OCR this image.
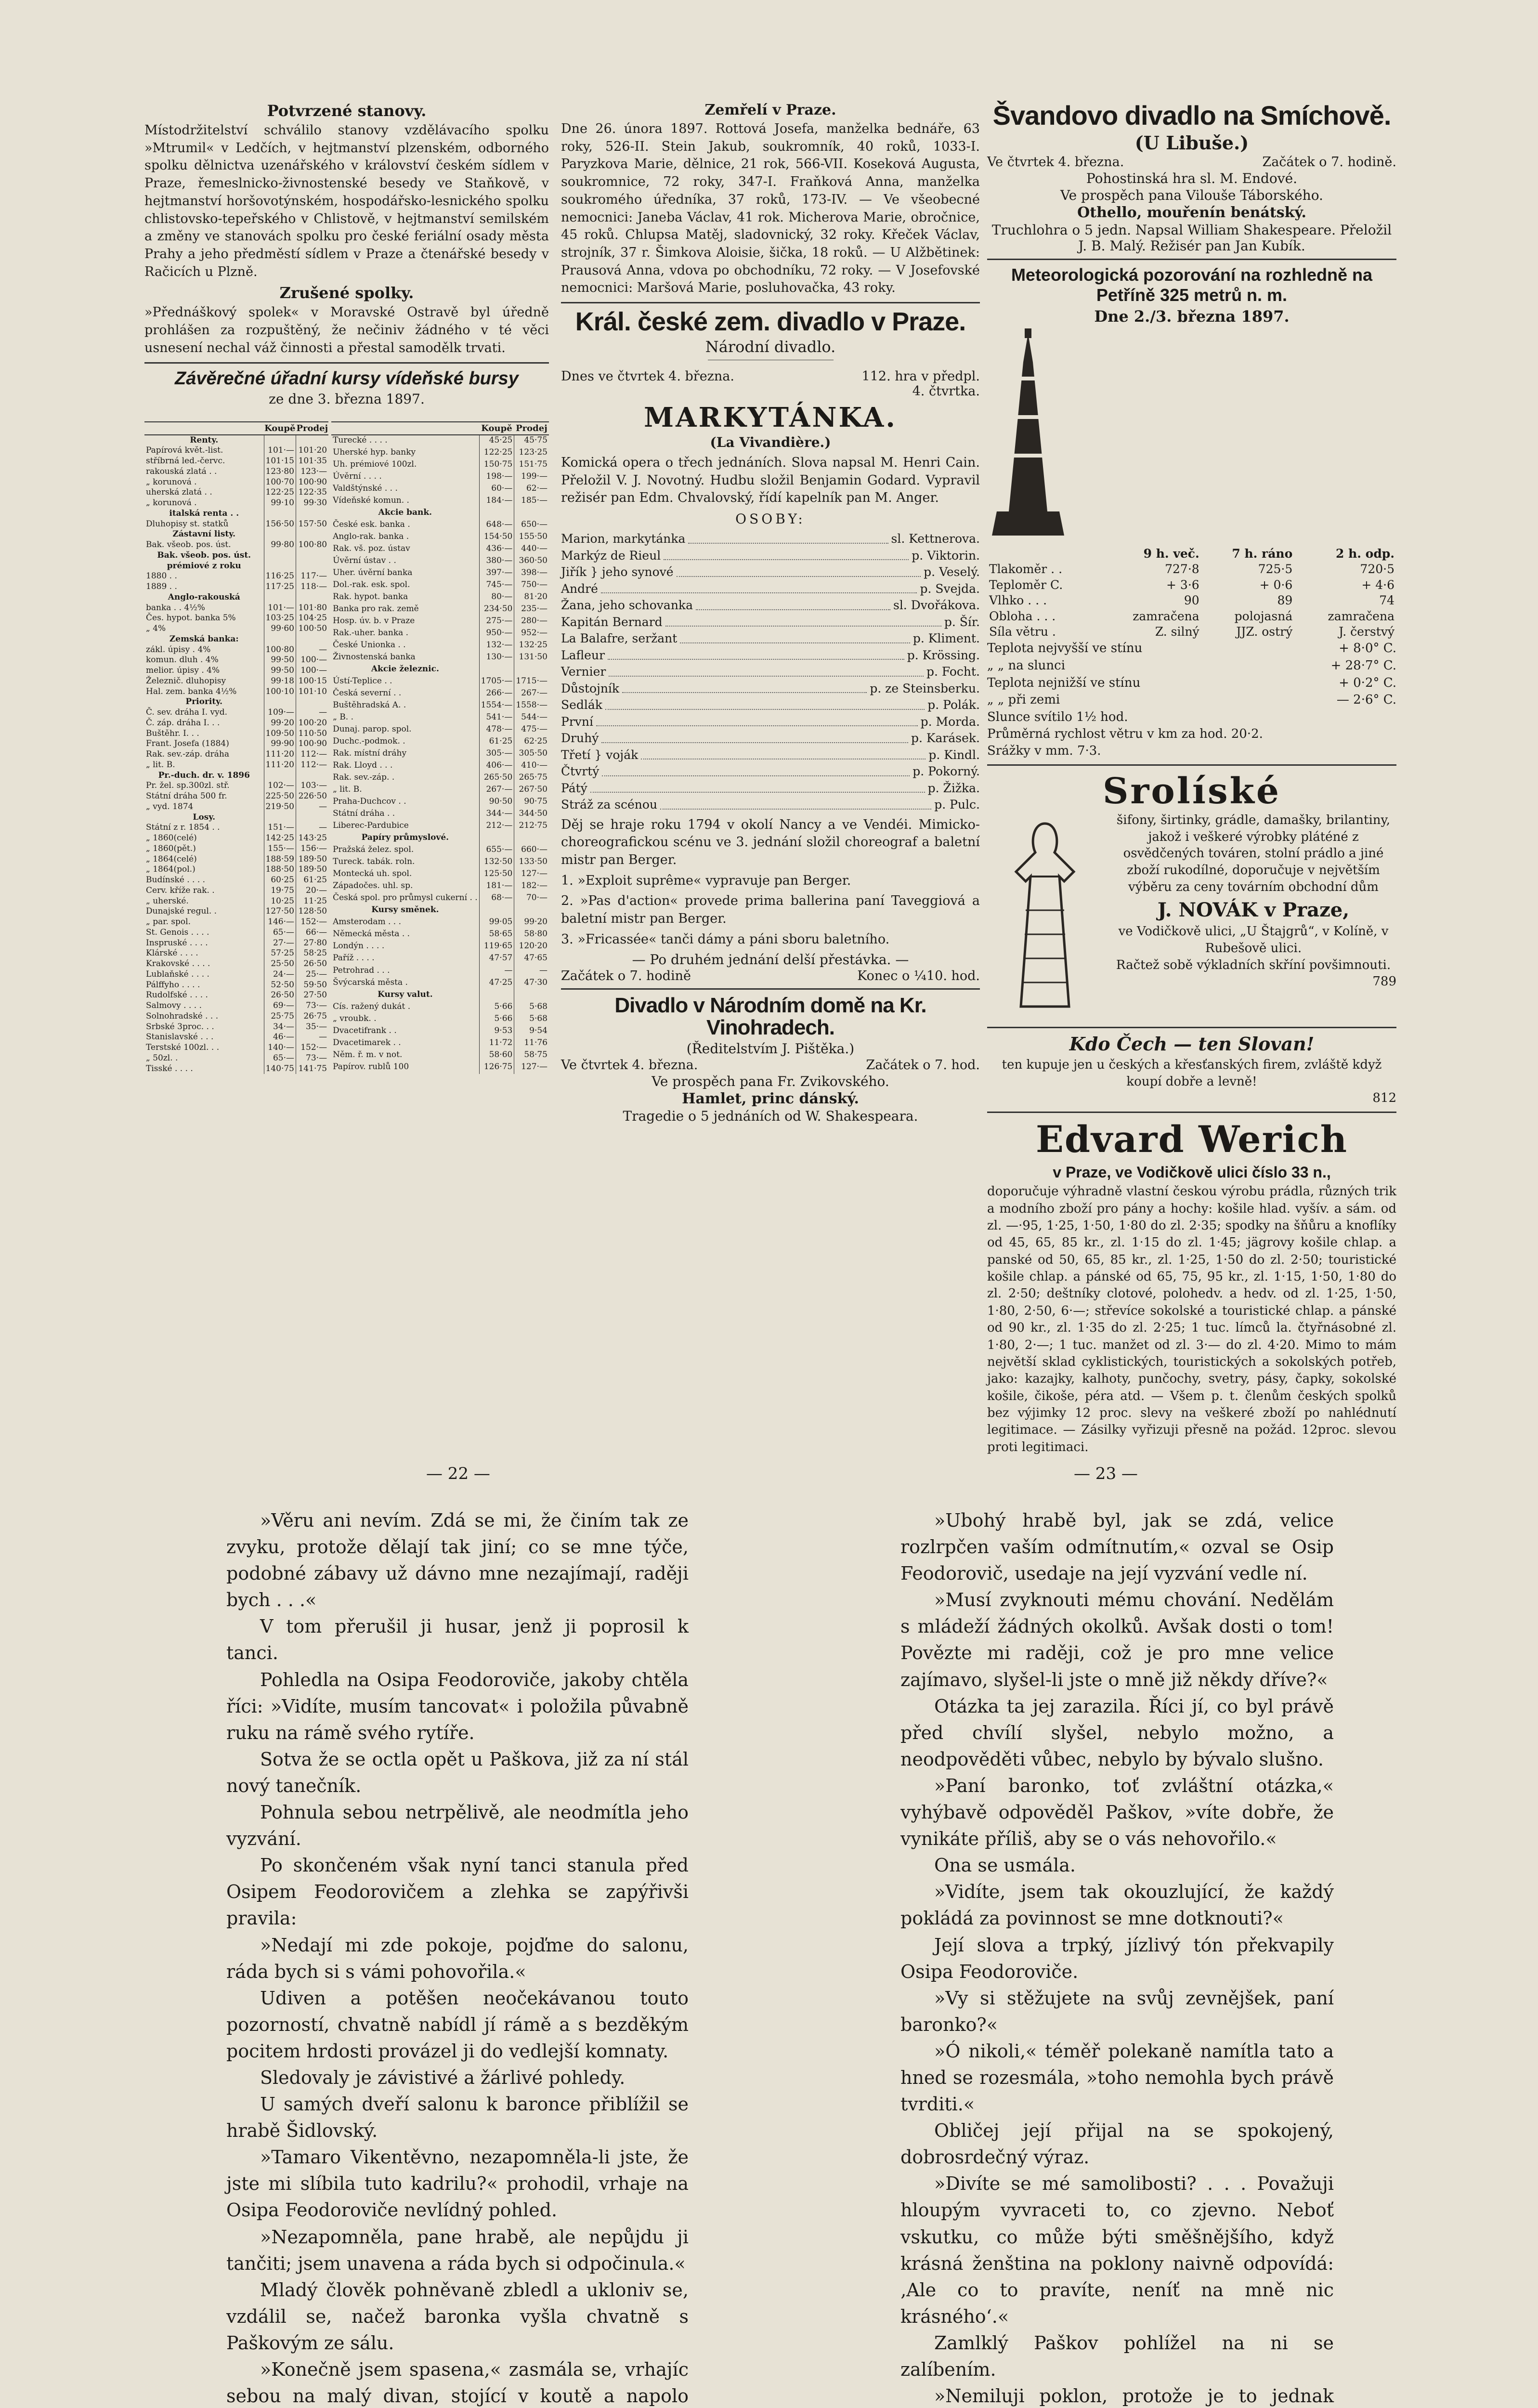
Potvrzené stanovy.
Místodržitelství schválilo stanovy vzdělávacího spolku »Mtrumil« v Ledčích, v hejtmanství plzenském, odborného spolku dělnictva uzenářského v království českém sídlem v Praze, řemeslnicko-živnostenské besedy ve Staňkově, v hejtmanství horšovotýnském, hospodářsko-lesnického spolku chlistovsko-tepeřského v Chlistově, v hejtmanství semilském a změny ve stanovách spolku pro české feriální osady města Prahy a jeho předměstí sídlem v Praze a čtenářské besedy v Račicích u Plzně.
Zrušené spolky.
»Přednáškový spolek« v Moravské Ostravě byl úředně prohlášen za rozpuštěný, že nečiniv žádného v té věci usnesení nechal váž činnosti a přestal samodělk trvati.
Závěrečné úřadní kursy vídeňské bursy
ze dne 3. března 1897.
	Koupě	Prodej
Renty.		
Papírová květ.-list.	101·—	101·20
stříbrná led.-červc.	101·15	101·35
rakouská zlatá . .	123·80	123·—
„ korunová .	100·70	100·90
uherská zlatá . .	122·25	122·35
„ korunová .	99·10	99·30
italská renta . .		
Dluhopisy st. statků	156·50	157·50
Zástavní listy.		
Bak. všeob. pos. úst.	99·80	100·80
Bak. všeob. pos. úst.		
prémiové z roku		
1880 . .	116·25	117·—
1889 . .	117·25	118·—
Anglo-rakouská		
banka . . 4½%	101·—	101·80
Čes. hypot. banka 5%	103·25	104·25
„ 4%	99·60	100·50
Zemská banka:		
zákl. úpisy . 4%	100·80	—
komun. dluh . 4%	99·50	100·—
melior. úpisy . 4%	99·50	100·—
Železnič. dluhopisy	99·18	100·15
Hal. zem. banka 4½%	100·10	101·10
Priority.		
Č. sev. dráha I. vyd.	109·—	—
Č. záp. dráha I. . .	99·20	100·20
Buštěhr. I. . .	109·50	110·50
Frant. Josefa (1884)	99·90	100·90
Rak. sev.-záp. dráha	111·20	112·—
„ lit. B.	111·20	112·—
Pr.-duch. dr. v. 1896		
Pr. žel. sp.300zl. stř.	102·—	103·—
Státní dráha 500 fr.	225·50	226·50
„ vyd. 1874	219·50	—
Losy.		
Státní z r. 1854 . .	151·—	—
„ 1860(celé)	142·25	143·25
„ 1860(pět.)	155·—	156·—
„ 1864(celé)	188·59	189·50
„ 1864(pol.)	188·50	189·50
Budínské . . . .	60·25	61·25
Cerv. kříže rak. .	19·75	20·—
„ uherské.	10·25	11·25
Dunajské regul. .	127·50	128·50
„ par. spol.	146·—	152·—
St. Genois . . . .	65·—	66·—
Inspruské . . . .	27·—	27·80
Klárské . . . .	57·25	58·25
Krakovské . . . .	25·50	26·50
Lublaňské . . . .	24·—	25·—
Pálffyho . . . .	52·50	59·50
Rudolfské . . . .	26·50	27·50
Salmovy . . . .	69·—	73·—
Solnohradské . . .	25·75	26·75
Srbské 3proc. . .	34·—	35·—
Stanislavské . . .	46·—	—
Terstské 100zl. . .	140·—	152·—
„ 50zl. .	65·—	73·—
Tisské . . . .	140·75	141·75
	Koupě	Prodej
Turecké . . . .	45·25	45·75
Uherské hyp. banky	122·25	123·25
Uh. prémiové 100zl.	150·75	151·75
Úvěrní . . . .	198·—	199·—
Valdštýnské . . .	60·—	62·—
Vídeňské komun. .	184·—	185·—
Akcie bank.		
České esk. banka .	648·—	650·—
Anglo-rak. banka .	154·50	155·50
Rak. vš. poz. ústav	436·—	440·—
Úvěrní ústav . .	380·—	360·50
Uher. úvěrní banka	397·—	398·—
Dol.-rak. esk. spol.	745·—	750·—
Rak. hypot. banka	80·—	81·20
Banka pro rak. země	234·50	235·—
Hosp. úv. b. v Praze	275·—	280·—
Rak.-uher. banka .	950·—	952·—
České Unionka . .	132·—	132·25
Živnostenská banka	130·—	131·50
Akcie železnic.		
Ústí-Teplice . .	1705·—	1715·—
Česká severní . .	266·—	267·—
Buštěhradská A. .	1554·—	1558·—
„ B. .	541·—	544·—
Dunaj. parop. spol.	478·—	475·—
Duchc.-podmok. .	61·25	62·25
Rak. místní dráhy	305·—	305·50
Rak. Lloyd . . .	406·—	410·—
Rak. sev.-záp. .	265·50	265·75
„ lit. B.	267·—	267·50
Praha-Duchcov . .	90·50	90·75
Státní dráha . .	344·—	344·50
Liberec-Pardubice	212·—	212·75
Papíry průmyslové.		
Pražská želez. spol.	655·—	660·—
Tureck. tabák. roln.	132·50	133·50
Montecká uh. spol.	125·50	127·—
Západočes. uhl. sp.	181·—	182·—
Česká spol. pro průmysl cukerní . .	68·—	70·—
Kursy směnek.		
Amsterodam . . .	99·05	99·20
Německá města . .	58·65	58·80
Londýn . . . .	119·65	120·20
Paříž . . . .	47·57	47·65
Petrohrad . . .	—	—
Švýcarská města .	47·25	47·30
Kursy valut.		
Cís. ražený dukát .	5·66	5·68
„ vroubk. .	5·66	5·68
Dvacetifrank . .	9·53	9·54
Dvacetimarek . .	11·72	11·76
Něm. ř. m. v not.	58·60	58·75
Papírov. rublů 100	126·75	127·—
Zemřelí v Praze.
Dne 26. února 1897. Rottová Josefa, manželka bednáře, 63 roky, 526-II. Stein Jakub, soukromník, 40 roků, 1033-I. Paryzkova Marie, dělnice, 21 rok, 566-VII. Koseková Augusta, soukromnice, 72 roky, 347-I. Fraňková Anna, manželka soukromého úředníka, 37 roků, 173-IV. — Ve všeobecné nemocnici: Janeba Václav, 41 rok. Micherova Marie, obročnice, 45 roků. Chlupsa Matěj, sladovnický, 32 roky. Křeček Václav, strojník, 37 r. Šimkova Aloisie, šička, 18 roků. — U Alžbětinek: Prausová Anna, vdova po obchodníku, 72 roky. — V Josefovské nemocnici: Maršová Marie, posluhovačka, 43 roky.
Král. české zem. divadlo v Praze.
Národní divadlo.
Dnes ve čtvrtek 4. března.	112. hra v předpl.
4. čtvrtka.
MARKYTÁNKA.
(La Vivandière.)
Komická opera o třech jednáních. Slova napsal M. Henri Cain. Přeložil V. J. Novotný. Hudbu složil Benjamin Godard. Vypravil režisér pan Edm. Chvalovský, řídí kapelník pan M. Anger.
OSOBY:
Marion, markytánka	sl. Kettnerova.
Markýz de Rieul	p. Viktorin.
Jiřík } jeho synové	p. Veselý.
André	p. Svejda.
Žana, jeho schovanka	sl. Dvořákova.
Kapitán Bernard	p. Šír.
La Balafre, seržant	p. Kliment.
Lafleur	p. Krössing.
Vernier	p. Focht.
Důstojník	p. ze Steinsberku.
Sedlák	p. Polák.
První	p. Morda.
Druhý	p. Karásek.
Třetí } voják	p. Kindl.
Čtvrtý	p. Pokorný.
Pátý	p. Žižka.
Stráž za scénou	p. Pulc.
Děj se hraje roku 1794 v okolí Nancy a ve Vendéi. Mimicko-choreografickou scénu ve 3. jednání složil choreograf a baletní mistr pan Berger.
1. »Exploit suprême« vypravuje pan Berger.
2. »Pas d'action« provede prima ballerina paní Taveggiová a baletní mistr pan Berger.
3. »Fricassée« tanči dámy a páni sboru baletního.
— Po druhém jednání delší přestávka. —
Začátek o 7. hodině	Konec o ¼10. hod.
Divadlo v Národním domě na Kr. Vinohradech.
(Ředitelstvím J. Pištěka.)
Ve čtvrtek 4. března.	Začátek o 7. hod.
Ve prospěch pana Fr. Zvikovského.
Hamlet, princ dánský.
Tragedie o 5 jednáních od W. Shakespeara.
Švandovo divadlo na Smíchově.
(U Libuše.)
Ve čtvrtek 4. března.	Začátek o 7. hodině.
Pohostinská hra sl. M. Endové.
Ve prospěch pana Vilouše Táborského.
Othello, mouřenín benátský.
Truchlohra o 5 jedn. Napsal William Shakespeare. Přeložil J. B. Malý. Režisér pan Jan Kubík.
Meteorologická pozorování na rozhledně na Petříně 325 metrů n. m.
Dne 2./3. března 1897.
	9 h. več.	7 h. ráno	2 h. odp.
Tlakoměr . .	727·8	725·5	720·5
Teploměr C.	+ 3·6	+ 0·6	+ 4·6
Vlhko . . .	90	89	74
Obloha . . .	zamračena	polojasná	zamračena
Síla větru .	Z. silný	JJZ. ostrý	J. čerstvý
Teplota nejvyšší ve stínu	+ 8·0° C.
„ „ na slunci	+ 28·7° C.
Teplota nejnižší ve stínu	+ 0·2° C.
„ „ při zemi	— 2·6° C.
Slunce svítilo 1½ hod.
Průměrná rychlost větru v km za hod. 20·2.
Srážky v mm. 7·3.
Srolíské
šifony, širtinky, grádle, damašky, brilantiny, jakož i veškeré výrobky pláténé z osvědčených továren, stolní prádlo a jiné zboží rukodílné, doporučuje v největším výběru za ceny továrním obchodní dům
J. NOVÁK v Praze,
ve Vodičkově ulici, „U Štajgrů“, v Kolíně, v Rubešově ulici.
Račtež sobě výkladních skříní povšimnouti.
789
Kdo Čech — ten Slovan!
ten kupuje jen u českých a křesťanských firem, zvláště když koupí dobře a levně!
812
Edvard Werich
v Praze, ve Vodičkově ulici číslo 33 n.,
doporučuje výhradně vlastní českou výrobu prádla, různých trik a modního zboží pro pány a hochy: košile hlad. vyšív. a sám. od zl. —·95, 1·25, 1·50, 1·80 do zl. 2·35; spodky na šňůru a knoflíky od 45, 65, 85 kr., zl. 1·15 do zl. 1·45; jägrovy košile chlap. a panské od 50, 65, 85 kr., zl. 1·25, 1·50 do zl. 2·50; touristické košile chlap. a pánské od 65, 75, 95 kr., zl. 1·15, 1·50, 1·80 do zl. 2·50; deštníky clotové, polohedv. a hedv. od zl. 1·25, 1·50, 1·80, 2·50, 6·—; střevíce sokolské a touristické chlap. a pánské od 90 kr., zl. 1·35 do zl. 2·25; 1 tuc. límců la. čtyřnásobné zl. 1·80, 2·—; 1 tuc. manžet od zl. 3·— do zl. 4·20. Mimo to mám největší sklad cyklistických, touristických a sokolských potřeb, jako: kazajky, kalhoty, punčochy, svetry, pásy, čapky, sokolské košile, čikoše, péra atd. — Všem p. t. členům českých spolků bez výjimky 12 proc. slevy na veškeré zboží po nahlédnutí legitimace. — Zásilky vyřizuji přesně na požád. 12proc. slevou proti legitimaci.
— 22 —	— 23 —

»Věru ani nevím. Zdá se mi, že činím tak ze zvyku, protože dělají tak jiní; co se mne týče, podobné zábavy už dávno mne nezajímají, raději bych . . .«

V tom přerušil ji husar, jenž ji poprosil k tanci.

Pohledla na Osipa Feodoroviče, jakoby chtěla říci: »Vidíte, musím tancovat« i položila půvabně ruku na rámě svého rytíře.

Sotva že se octla opět u Paškova, již za ní stál nový tanečník.

Pohnula sebou netrpělivě, ale neodmítla jeho vyzvání.

Po skončeném však nyní tanci stanula před Osipem Feodorovičem a zlehka se zapýřivši pravila:

»Nedají mi zde pokoje, pojďme do salonu, ráda bych si s vámi pohovořila.«

Udiven a potěšen neočekávanou touto pozorností, chvatně nabídl jí rámě a s bezděkým pocitem hrdosti provázel ji do vedlejší komnaty.

Sledovaly je závistivé a žárlivé pohledy.

U samých dveří salonu k baronce přiblížil se hrabě Šidlovský.

»Tamaro Vikentěvno, nezapomněla-li jste, že jste mi slíbila tuto kadrilu?« prohodil, vrhaje na Osipa Feodoroviče nevlídný pohled.

»Nezapomněla, pane hrabě, ale nepůjdu ji tančiti; jsem unavena a ráda bych si odpočinula.«

Mladý člověk pohněvaně zbledl a ukloniv se, vzdálil se, načež baronka vyšla chvatně s Paškovým ze sálu.

»Konečně jsem spasena,« zasmála se, vrhajíc sebou na malý divan, stojící v koutě a napolo

»Ubohý hrabě byl, jak se zdá, velice rozlrpčen vaším odmítnutím,« ozval se Osip Feodorovič, usedaje na její vyzvání vedle ní.

»Musí zvyknouti mému chování. Nedělám s mládeží žádných okolků. Avšak dosti o tom! Povězte mi raději, což je pro mne velice zajímavo, slyšel-li jste o mně již někdy dříve?«

Otázka ta jej zarazila. Říci jí, co byl právě před chvílí slyšel, nebylo možno, a neodpověděti vůbec, nebylo by bývalo slušno.

»Paní baronko, toť zvláštní otázka,« vyhýbavě odpověděl Paškov, »víte dobře, že vynikáte příliš, aby se o vás nehovořilo.«

Ona se usmála.

»Vidíte, jsem tak okouzlující, že každý pokládá za povinnost se mne dotknouti?«

Její slova a trpký, jízlivý tón překvapily Osipa Feodoroviče.

»Vy si stěžujete na svůj zevnějšek, paní baronko?«

»Ó nikoli,« téměř polekaně namítla tato a hned se rozesmála, »toho nemohla bych právě tvrditi.«

Obličej její přijal na se spokojený, dobrosrdečný výraz.

»Divíte se mé samolibosti? . . . Považuji hloupým vyvraceti to, co zjevno. Neboť vskutku, co může býti směšnějšího, když krásná ženština na poklony naivně odpovídá: ‚Ale co to pravíte, neníť na mně nic krásného‘.«

Zamlklý Paškov pohlížel na ni se zalíbením.

»Nemiluji poklon, protože je to jednak
